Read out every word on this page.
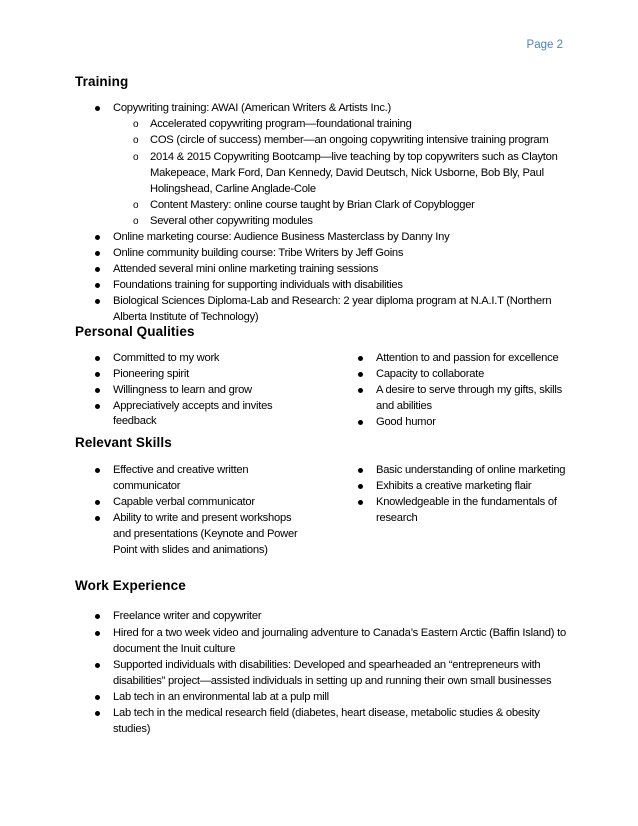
Page 2
Training
Copywriting training: AWAI (American Writers & Artists Inc.)
o Accelerated copywriting program—foundational training
o COS (circle of success) member—an ongoing copywriting intensive training program
o 2014 & 2015 Copywriting Bootcamp—live teaching by top copywriters such as Clayton
Makepeace, Mark Ford, Dan Kennedy, David Deutsch, Nick Usborne, Bob Bly, Paul
Holingshead, Carline Anglade-Cole
o Content Mastery: online course taught by Brian Clark of Copyblogger
o Several other copywriting modules
Online marketing course: Audience Business Masterclass by Danny Iny
Online community building course: Tribe Writers by Jeff Goins
Attended several mini online marketing training sessions
Foundations training for supporting individuals with disabilities
Biological Sciences Diploma-Lab and Research: 2 year diploma program at N.A.I.T (Northern
Alberta Institute of Technology)
Personal Qualities
Committed to my work
Pioneering spirit
Willingness to learn and grow
Appreciatively accepts and invites
feedback
Attention to and passion for excellence
Capacity to collaborate
A desire to serve through my gifts, skills
and abilities
Good humor
Relevant Skills
Effective and creative written
communicator
Capable verbal communicator
Ability to write and present workshops
and presentations (Keynote and Power
Point with slides and animations)
Basic understanding of online marketing
Exhibits a creative marketing flair
Knowledgeable in the fundamentals of
research
Work Experience
Freelance writer and copywriter
Hired for a two week video and journaling adventure to Canada’s Eastern Arctic (Baffin Island) to
document the Inuit culture
Supported individuals with disabilities: Developed and spearheaded an “entrepreneurs with
disabilities” project—assisted individuals in setting up and running their own small businesses
Lab tech in an environmental lab at a pulp mill
Lab tech in the medical research field (diabetes, heart disease, metabolic studies & obesity
studies)
